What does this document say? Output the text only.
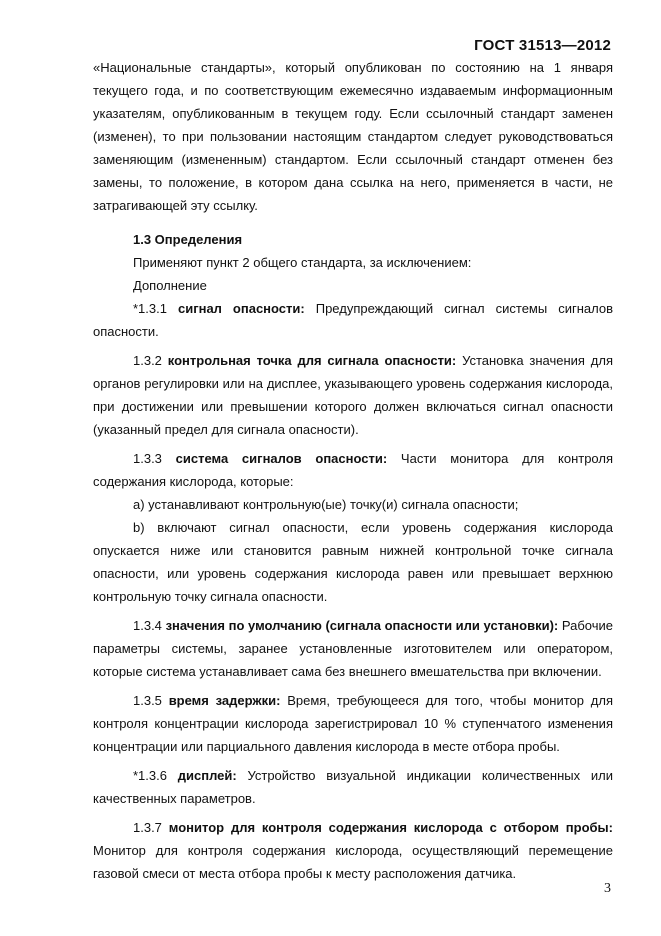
ГОСТ 31513—2012

«Национальные стандарты», который опубликован по состоянию на 1 января текущего года, и по соответствующим ежемесячно издаваемым информационным указателям, опубликованным в текущем году. Если ссылочный стандарт заменен (изменен), то при пользовании настоящим стандартом следует руководствоваться заменяющим (измененным) стандартом. Если ссылочный стандарт отменен без замены, то положение, в котором дана ссылка на него, применяется в части, не затрагивающей эту ссылку.

1.3 Определения

Применяют пункт 2 общего стандарта, за исключением:

Дополнение

*1.3.1 сигнал опасности: Предупреждающий сигнал системы сигналов опасности.

1.3.2 контрольная точка для сигнала опасности: Установка значения для органов регулировки или на дисплее, указывающего уровень содержания кислорода, при достижении или превышении которого должен включаться сигнал опасности (указанный предел для сигнала опасности).

1.3.3 система сигналов опасности: Части монитора для контроля содержания кислорода, которые:

а) устанавливают контрольную(ые) точку(и) сигнала опасности;

b) включают сигнал опасности, если уровень содержания кислорода опускается ниже или становится равным нижней контрольной точке сигнала опасности, или уровень содержания кислорода равен или превышает верхнюю контрольную точку сигнала опасности.

1.3.4 значения по умолчанию (сигнала опасности или установки): Рабочие параметры системы, заранее установленные изготовителем или оператором, которые система устанавливает сама без внешнего вмешательства при включении.

1.3.5 время задержки: Время, требующееся для того, чтобы монитор для контроля концентрации кислорода зарегистрировал 10 % ступенчатого изменения концентрации или парциального давления кислорода в месте отбора пробы.

*1.3.6 дисплей: Устройство визуальной индикации количественных или качественных параметров.

1.3.7 монитор для контроля содержания кислорода с отбором пробы: Монитор для контроля содержания кислорода, осуществляющий перемещение газовой смеси от места отбора пробы к месту расположения датчика.

3
